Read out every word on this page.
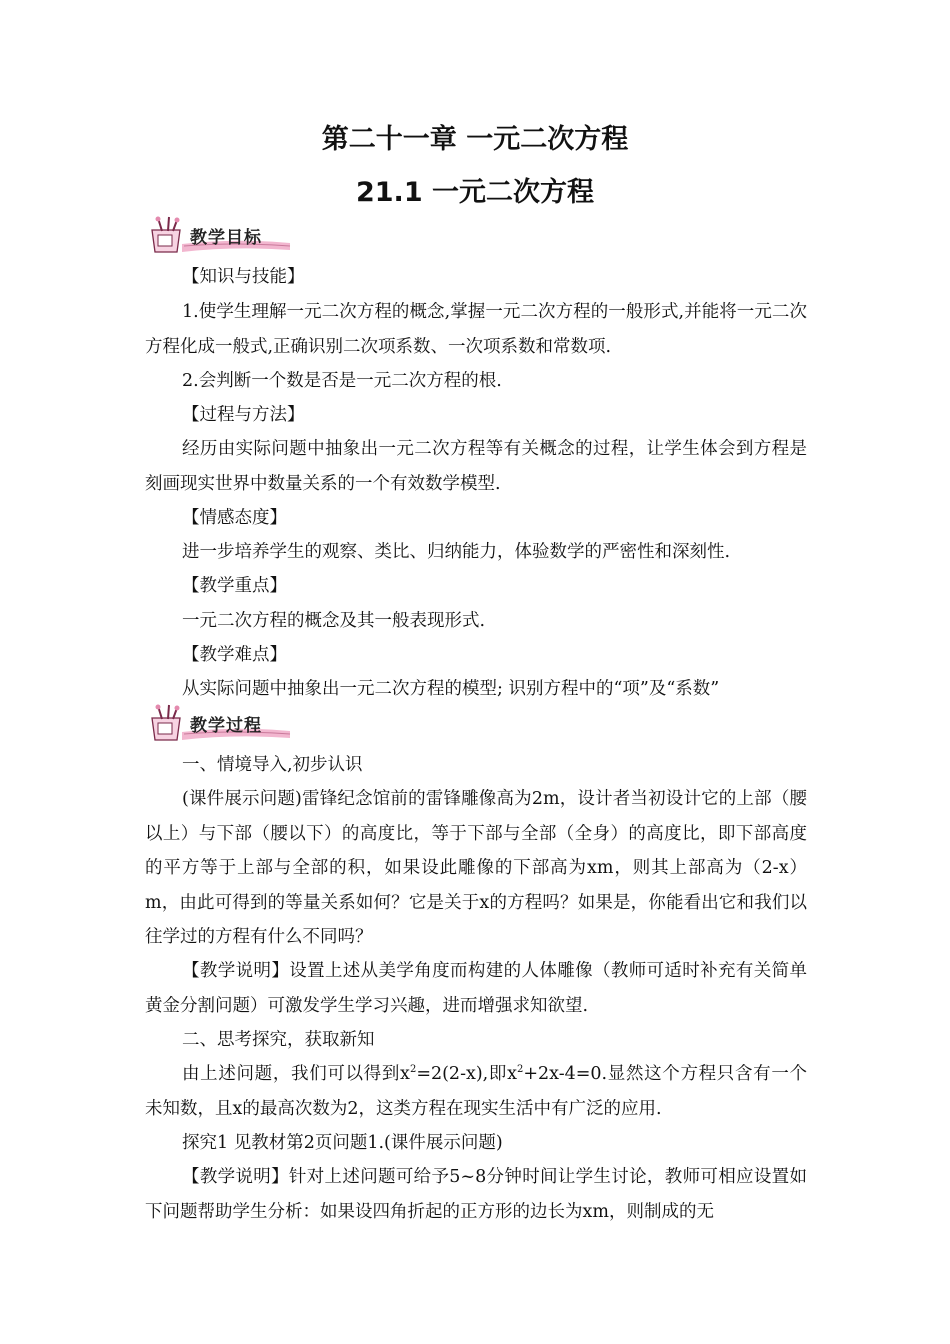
第二十一章 一元二次方程
21.1 一元二次方程
教学目标

【知识与技能】

1.使学生理解一元二次方程的概念,掌握一元二次方程的一般形式,并能将一元二次方程化成一般式,正确识别二次项系数、一次项系数和常数项.

2.会判断一个数是否是一元二次方程的根.

【过程与方法】

经历由实际问题中抽象出一元二次方程等有关概念的过程，让学生体会到方程是刻画现实世界中数量关系的一个有效数学模型.

【情感态度】

进一步培养学生的观察、类比、归纳能力，体验数学的严密性和深刻性.

【教学重点】

一元二次方程的概念及其一般表现形式.

【教学难点】

从实际问题中抽象出一元二次方程的模型; 识别方程中的“项”及“系数”

教学过程

一、情境导入,初步认识

(课件展示问题)雷锋纪念馆前的雷锋雕像高为2m，设计者当初设计它的上部（腰以上）与下部（腰以下）的高度比，等于下部与全部（全身）的高度比，即下部高度的平方等于上部与全部的积，如果设此雕像的下部高为xm，则其上部高为（2-x）m，由此可得到的等量关系如何？它是关于x的方程吗？如果是，你能看出它和我们以往学过的方程有什么不同吗？

【教学说明】设置上述从美学角度而构建的人体雕像（教师可适时补充有关简单黄金分割问题）可激发学生学习兴趣，进而增强求知欲望.

二、思考探究，获取新知

由上述问题，我们可以得到$x^2=2(2-x)$,即$x^2+2x-4=0$.显然这个方程只含有一个未知数，且x的最高次数为2，这类方程在现实生活中有广泛的应用.

探究1 见教材第2页问题1.(课件展示问题)

【教学说明】针对上述问题可给予5~8分钟时间让学生讨论，教师可相应设置如下问题帮助学生分析：如果设四角折起的正方形的边长为xm，则制成的无
